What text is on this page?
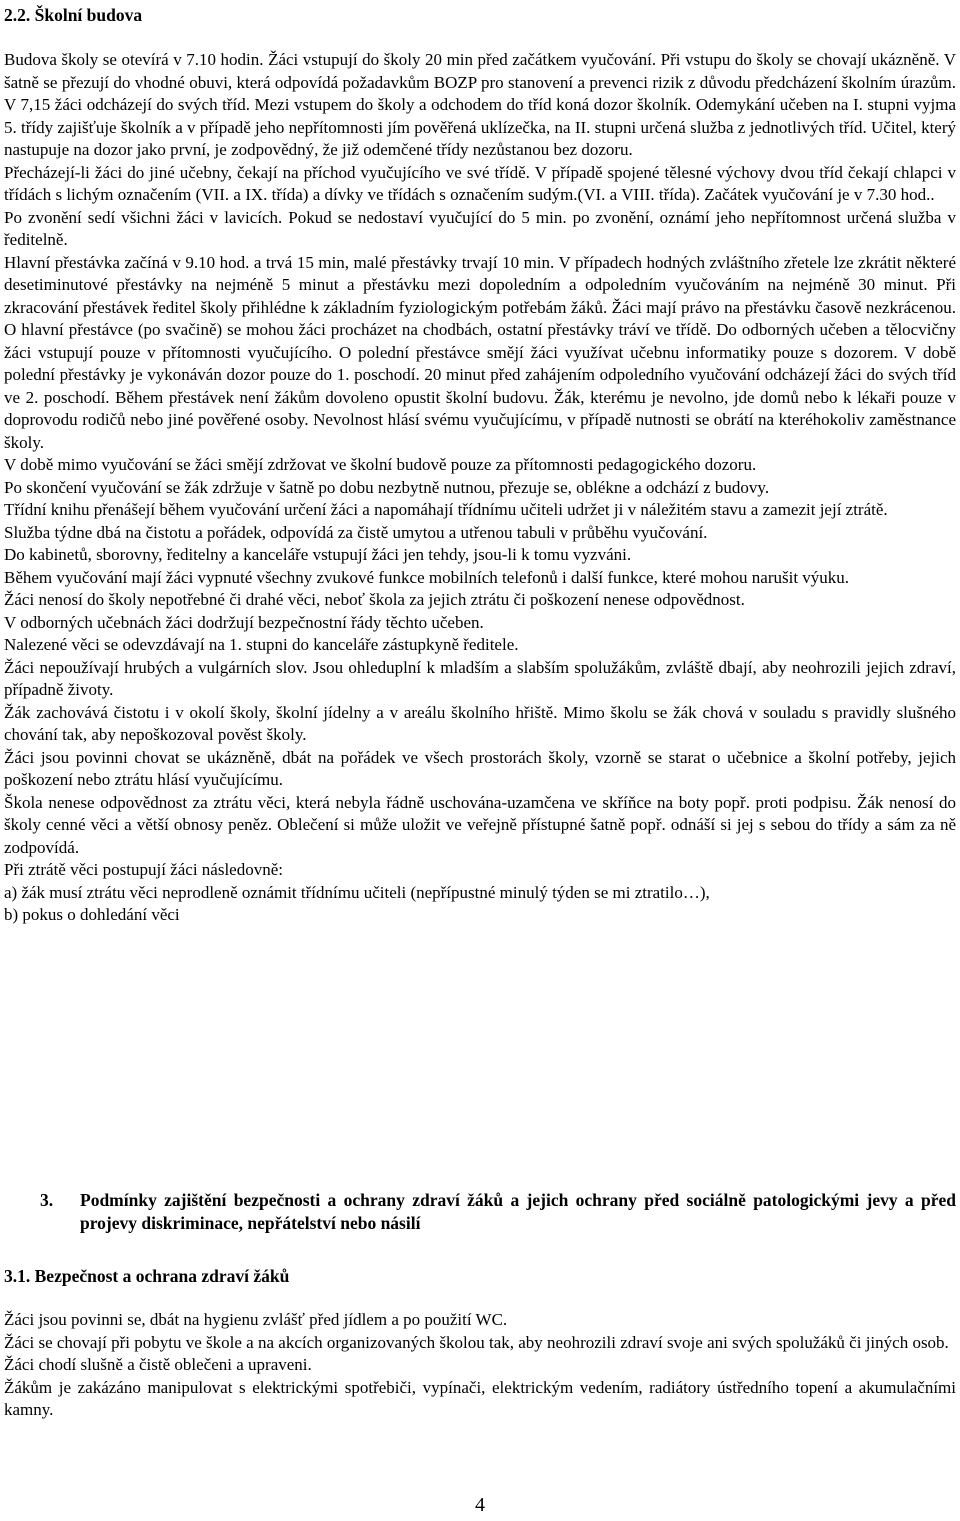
2.2. Školní budova

Budova školy se otevírá v 7.10 hodin. Žáci vstupují do školy 20 min před začátkem vyučování. Při vstupu do školy se chovají ukázněně. V šatně se přezují do vhodné obuvi, která odpovídá požadavkům BOZP pro stanovení a prevenci rizik z důvodu předcházení školním úrazům. V 7,15 žáci odcházejí do svých tříd. Mezi vstupem do školy a odchodem do tříd koná dozor školník. Odemykání učeben na I. stupni vyjma 5. třídy zajišťuje školník a v případě jeho nepřítomnosti jím pověřená uklízečka, na II. stupni určená služba z jednotlivých tříd. Učitel, který nastupuje na dozor jako první, je zodpovědný, že již odemčené třídy nezůstanou bez dozoru.

Přecházejí-li žáci do jiné učebny, čekají na příchod vyučujícího ve své třídě. V případě spojené tělesné výchovy dvou tříd čekají chlapci v třídách s lichým označením (VII. a IX. třída) a dívky ve třídách s označením sudým.(VI. a VIII. třída). Začátek vyučování je v 7.30 hod..

Po zvonění sedí všichni žáci v lavicích. Pokud se nedostaví vyučující do 5 min. po zvonění, oznámí jeho nepřítomnost určená služba v ředitelně.

Hlavní přestávka začíná v 9.10 hod. a trvá 15 min, malé přestávky trvají 10 min. V případech hodných zvláštního zřetele lze zkrátit některé desetiminutové přestávky na nejméně 5 minut a přestávku mezi dopoledním a odpoledním vyučováním na nejméně 30 minut. Při zkracování přestávek ředitel školy přihlédne k základním fyziologickým potřebám žáků. Žáci mají právo na přestávku časově nezkrácenou. O hlavní přestávce (po svačině) se mohou žáci procházet na chodbách, ostatní přestávky tráví ve třídě. Do odborných učeben a tělocvičny žáci vstupují pouze v přítomnosti vyučujícího. O polední přestávce smějí žáci využívat učebnu informatiky pouze s dozorem. V době polední přestávky je vykonáván dozor pouze do 1. poschodí. 20 minut před zahájením odpoledního vyučování odcházejí žáci do svých tříd ve 2. poschodí. Během přestávek není žákům dovoleno opustit školní budovu. Žák, kterému je nevolno, jde domů nebo k lékaři pouze v doprovodu rodičů nebo jiné pověřené osoby. Nevolnost hlásí svému vyučujícímu, v případě nutnosti se obrátí na kteréhokoliv zaměstnance školy.

V době mimo vyučování se žáci smějí zdržovat ve školní budově pouze za přítomnosti pedagogického dozoru.

Po skončení vyučování se žák zdržuje v šatně po dobu nezbytně nutnou, přezuje se, oblékne a odchází z budovy.

Třídní knihu přenášejí během vyučování určení žáci a napomáhají třídnímu učiteli udržet ji v náležitém stavu a zamezit její ztrátě.

Služba týdne dbá na čistotu a pořádek, odpovídá za čistě umytou a utřenou tabuli v průběhu vyučování.

Do kabinetů, sborovny, ředitelny a kanceláře vstupují žáci jen tehdy, jsou-li k tomu vyzváni.

Během vyučování mají žáci vypnuté všechny zvukové funkce mobilních telefonů i další funkce, které mohou narušit výuku.

Žáci nenosí do školy nepotřebné či drahé věci, neboť škola za jejich ztrátu či poškození nenese odpovědnost.

V odborných učebnách žáci dodržují bezpečnostní řády těchto učeben.

Nalezené věci se odevzdávají na 1. stupni do kanceláře zástupkyně ředitele.

Žáci nepoužívají hrubých a vulgárních slov. Jsou ohleduplní k mladším a slabším spolužákům, zvláště dbají, aby neohrozili jejich zdraví, případně životy.

Žák zachovává čistotu i v okolí školy, školní jídelny a v areálu školního hřiště. Mimo školu se žák chová v souladu s pravidly slušného chování tak, aby nepoškozoval pověst školy.

Žáci jsou povinni chovat se ukázněně, dbát na pořádek ve všech prostorách školy, vzorně se starat o učebnice a školní potřeby, jejich poškození nebo ztrátu hlásí vyučujícímu.

Škola nenese odpovědnost za ztrátu věci, která nebyla řádně uschována-uzamčena ve skříňce na boty popř. proti podpisu. Žák nenosí do školy cenné věci a větší obnosy peněz. Oblečení si může uložit ve veřejně přístupné šatně popř. odnáší si jej s sebou do třídy a sám za ně zodpovídá.

Při ztrátě věci postupují žáci následovně:

a) žák musí ztrátu věci neprodleně oznámit třídnímu učiteli (nepřípustné minulý týden se mi ztratilo…),

b) pokus o dohledání věci

3. Podmínky zajištění bezpečnosti a ochrany zdraví žáků a jejich ochrany před sociálně patologickými jevy a před projevy diskriminace, nepřátelství nebo násilí
3.1. Bezpečnost a ochrana zdraví žáků

Žáci jsou povinni se, dbát na hygienu zvlášť před jídlem a po použití WC.

Žáci se chovají při pobytu ve škole a na akcích organizovaných školou tak, aby neohrozili zdraví svoje ani svých spolužáků či jiných osob.

Žáci chodí slušně a čistě oblečeni a upraveni.

Žákům je zakázáno manipulovat s elektrickými spotřebiči, vypínači, elektrickým vedením, radiátory ústředního topení a akumulačními kamny.

4
